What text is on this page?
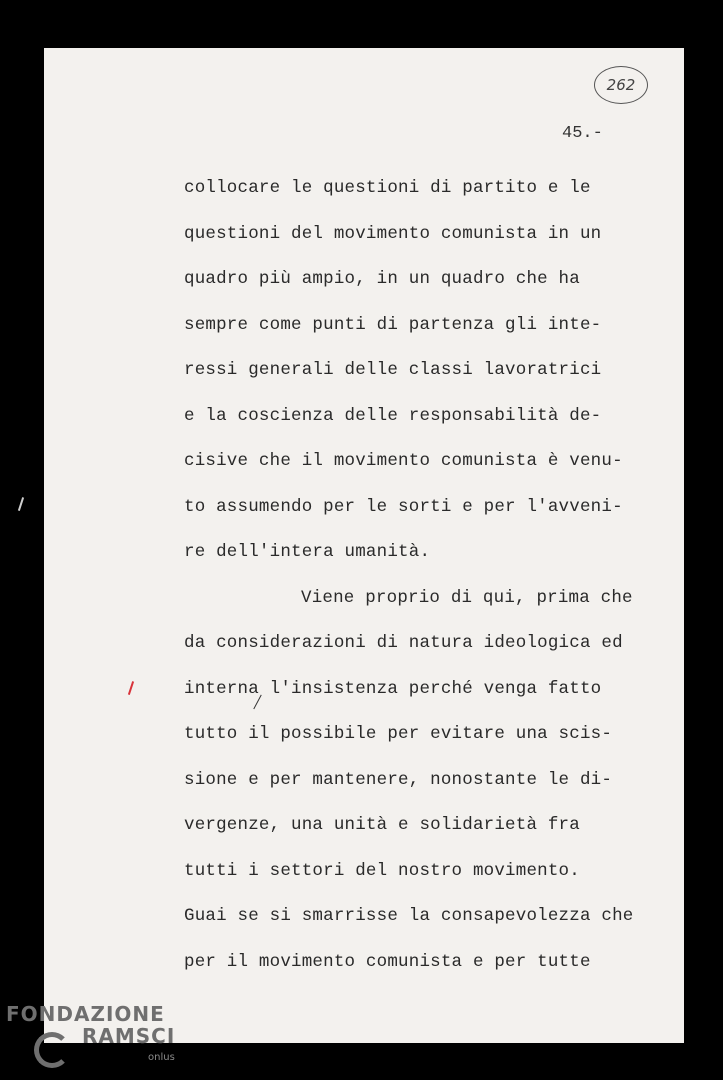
262
45.-
collocare le questioni di partito e le
questioni del movimento comunista in un
quadro più ampio, in un quadro che ha
sempre come punti di partenza gli inte-
ressi generali delle classi lavoratrici
e la coscienza delle responsabilità de-
cisive che il movimento comunista è venu-
to assumendo per le sorti e per l'avveni-
re dell'intera umanità.
Viene proprio di qui, prima che
da considerazioni di natura ideologica ed
interna l'insistenza perché venga fatto
tutto il possibile per evitare una scis-
sione e per mantenere, nonostante le di-
vergenze, una unità e solidarietà fra
tutti i settori del nostro movimento.
Guai se si smarrisse la consapevolezza che
per il movimento comunista e per tutte
FONDAZIONE
RAMSCI
onlus
